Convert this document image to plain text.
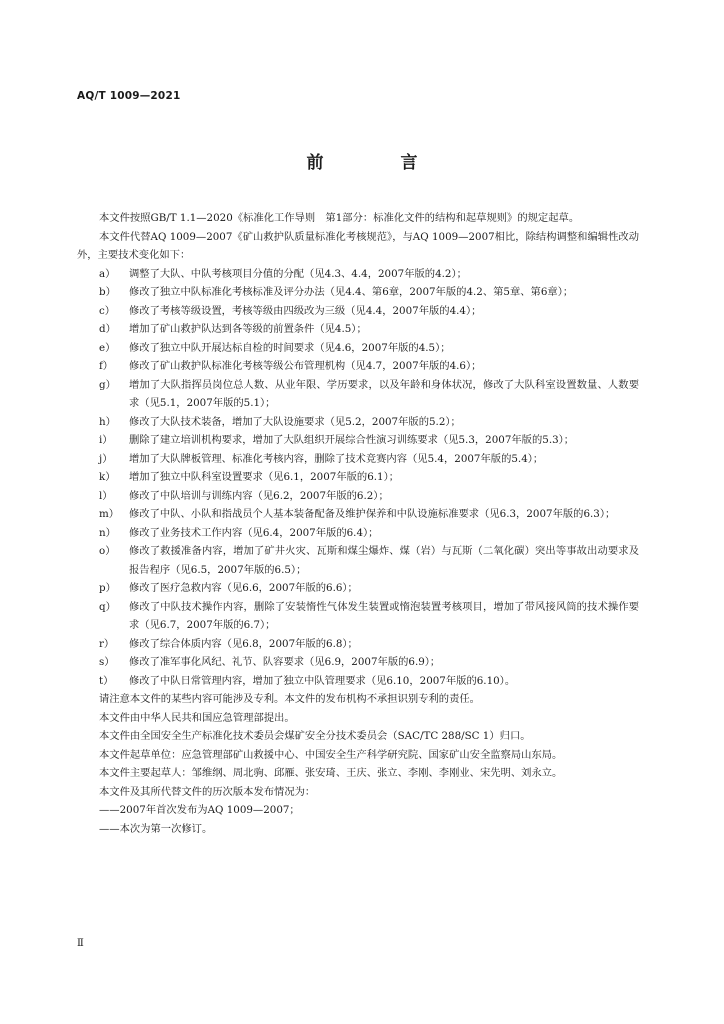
AQ/T 1009—2021
前　言

本文件按照GB/T 1.1—2020《标准化工作导则　第1部分：标准化文件的结构和起草规则》的规定起草。

本文件代替AQ 1009—2007《矿山救护队质量标准化考核规范》，与AQ 1009—2007相比，除结构调整和编辑性改动外，主要技术变化如下：

a）	调整了大队、中队考核项目分值的分配（见4.3、4.4，2007年版的4.2）；
b）	修改了独立中队标准化考核标准及评分办法（见4.4、第6章，2007年版的4.2、第5章、第6章）；
c）	修改了考核等级设置，考核等级由四级改为三级（见4.4，2007年版的4.4）；
d）	增加了矿山救护队达到各等级的前置条件（见4.5）；
e）	修改了独立中队开展达标自检的时间要求（见4.6，2007年版的4.5）；
f）	修改了矿山救护队标准化考核等级公布管理机构（见4.7，2007年版的4.6）；
g）	增加了大队指挥员岗位总人数、从业年限、学历要求，以及年龄和身体状况，修改了大队科室设置数量、人数要求（见5.1，2007年版的5.1）；
h）	修改了大队技术装备，增加了大队设施要求（见5.2，2007年版的5.2）；
i）	删除了建立培训机构要求，增加了大队组织开展综合性演习训练要求（见5.3，2007年版的5.3）；
j）	增加了大队牌板管理、标准化考核内容，删除了技术竞赛内容（见5.4，2007年版的5.4）；
k）	增加了独立中队科室设置要求（见6.1，2007年版的6.1）；
l）	修改了中队培训与训练内容（见6.2，2007年版的6.2）；
m） 修改了中队、小队和指战员个人基本装备配备及维护保养和中队设施标准要求（见6.3，2007年版的6.3）；
n）	修改了业务技术工作内容（见6.4，2007年版的6.4）；
o）	修改了救援准备内容，增加了矿井火灾、瓦斯和煤尘爆炸、煤（岩）与瓦斯（二氧化碳）突出等事故出动要求及报告程序（见6.5，2007年版的6.5）；
p）	修改了医疗急救内容（见6.6，2007年版的6.6）；
q）	修改了中队技术操作内容，删除了安装惰性气体发生装置或惰泡装置考核项目，增加了带风接风筒的技术操作要求（见6.7，2007年版的6.7）；
r）	修改了综合体质内容（见6.8，2007年版的6.8）；
s）	修改了准军事化风纪、礼节、队容要求（见6.9，2007年版的6.9）；
t）	修改了中队日常管理内容，增加了独立中队管理要求（见6.10，2007年版的6.10）。

请注意本文件的某些内容可能涉及专利。本文件的发布机构不承担识别专利的责任。

本文件由中华人民共和国应急管理部提出。

本文件由全国安全生产标准化技术委员会煤矿安全分技术委员会（SAC/TC 288/SC 1）归口。

本文件起草单位：应急管理部矿山救援中心、中国安全生产科学研究院、国家矿山安全监察局山东局。

本文件主要起草人：邹维纲、周北驹、邱雁、张安琦、王庆、张立、李刚、李刚业、宋先明、刘永立。

本文件及其所代替文件的历次版本发布情况为：

——2007年首次发布为AQ 1009—2007；

——本次为第一次修订。

Ⅱ
